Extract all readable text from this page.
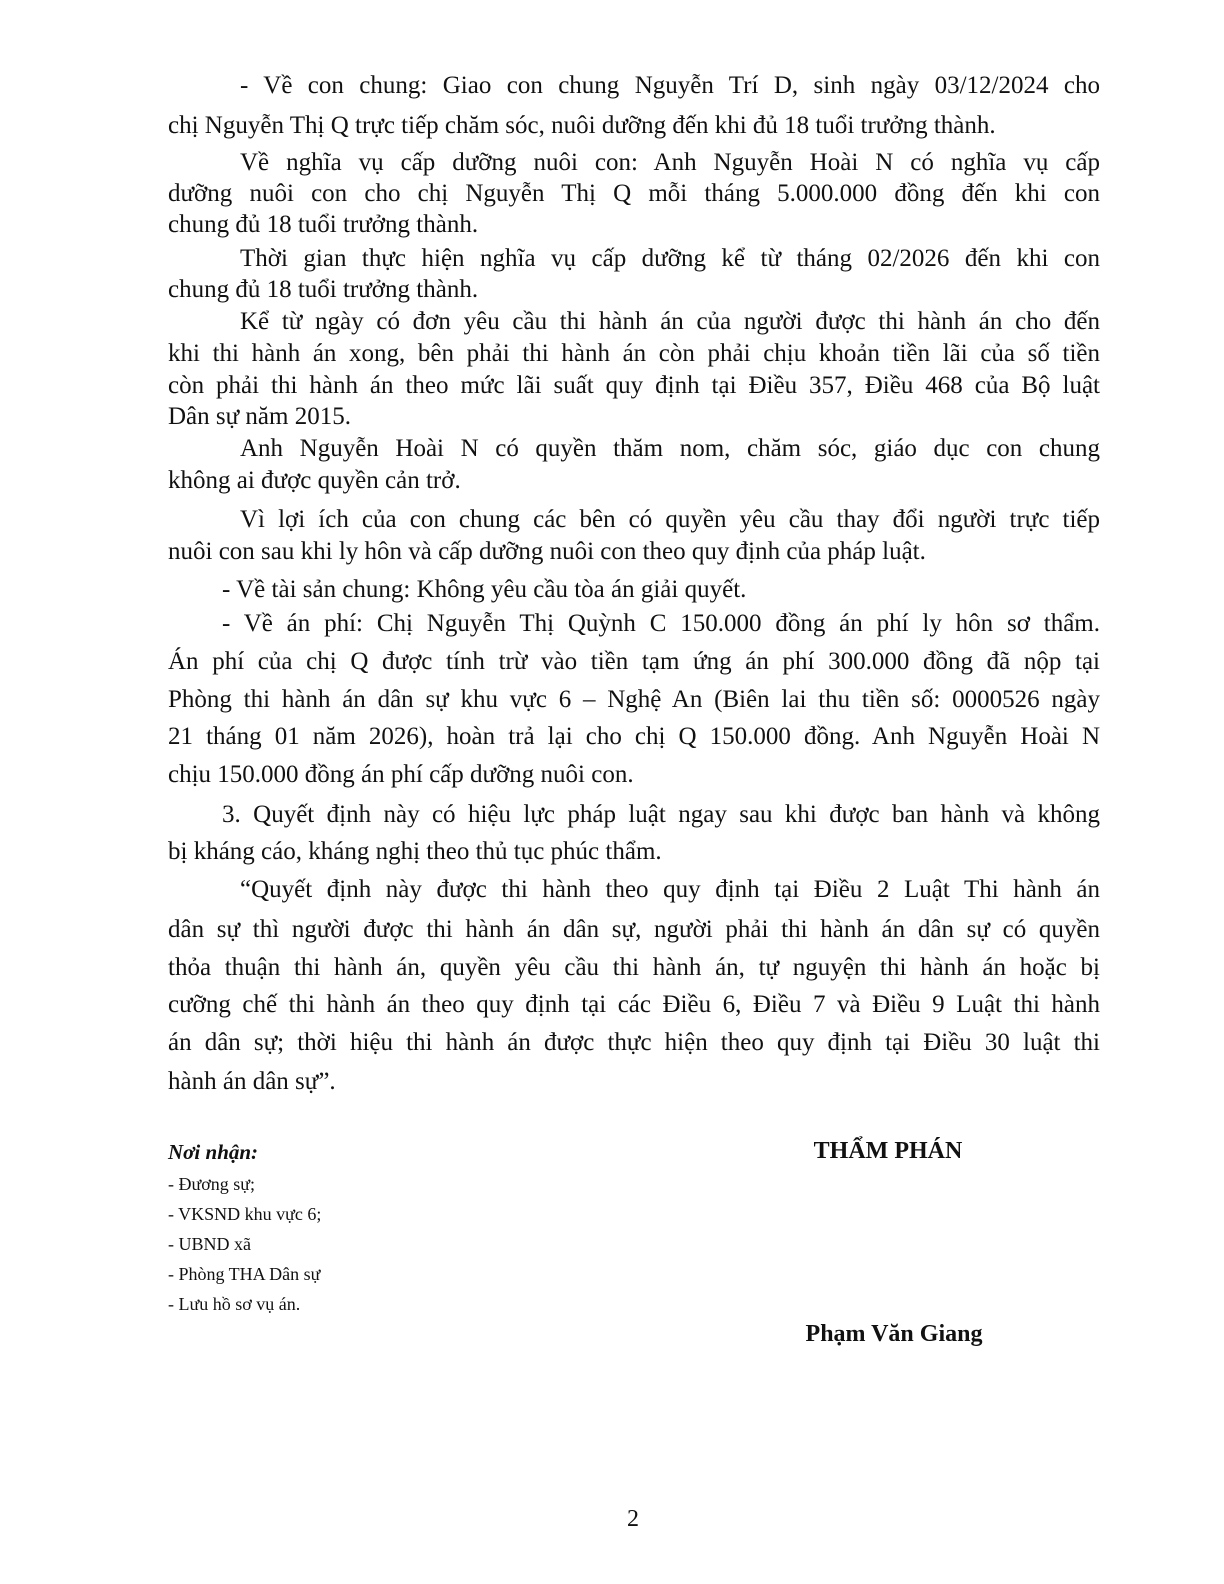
- Về con chung: Giao con chung Nguyễn Trí D, sinh ngày 03/12/2024 cho
chị Nguyễn Thị Q trực tiếp chăm sóc, nuôi dưỡng đến khi đủ 18 tuổi trưởng thành.
Về nghĩa vụ cấp dưỡng nuôi con: Anh Nguyễn Hoài N có nghĩa vụ cấp
dưỡng nuôi con cho chị Nguyễn Thị Q mỗi tháng 5.000.000 đồng đến khi con
chung đủ 18 tuổi trưởng thành.
Thời gian thực hiện nghĩa vụ cấp dưỡng kể từ tháng 02/2026 đến khi con
chung đủ 18 tuổi trưởng thành.
Kể từ ngày có đơn yêu cầu thi hành án của người được thi hành án cho đến
khi thi hành án xong, bên phải thi hành án còn phải chịu khoản tiền lãi của số tiền
còn phải thi hành án theo mức lãi suất quy định tại Điều 357, Điều 468 của Bộ luật
Dân sự năm 2015.
Anh Nguyễn Hoài N có quyền thăm nom, chăm sóc, giáo dục con chung
không ai được quyền cản trở.
Vì lợi ích của con chung các bên có quyền yêu cầu thay đổi người trực tiếp
nuôi con sau khi ly hôn và cấp dưỡng nuôi con theo quy định của pháp luật.
- Về tài sản chung: Không yêu cầu tòa án giải quyết.
- Về án phí: Chị Nguyễn Thị Quỳnh C 150.000 đồng án phí ly hôn sơ thẩm.
Án phí của chị Q được tính trừ vào tiền tạm ứng án phí 300.000 đồng đã nộp tại
Phòng thi hành án dân sự khu vực 6 – Nghệ An (Biên lai thu tiền số: 0000526 ngày
21 tháng 01 năm 2026), hoàn trả lại cho chị Q 150.000 đồng. Anh Nguyễn Hoài N
chịu 150.000 đồng án phí cấp dưỡng nuôi con.
3. Quyết định này có hiệu lực pháp luật ngay sau khi được ban hành và không
bị kháng cáo, kháng nghị theo thủ tục phúc thẩm.
“Quyết định này được thi hành theo quy định tại Điều 2 Luật Thi hành án
dân sự thì người được thi hành án dân sự, người phải thi hành án dân sự có quyền
thỏa thuận thi hành án, quyền yêu cầu thi hành án, tự nguyện thi hành án hoặc bị
cưỡng chế thi hành án theo quy định tại các Điều 6, Điều 7 và Điều 9 Luật thi hành
án dân sự; thời hiệu thi hành án được thực hiện theo quy định tại Điều 30 luật thi
hành án dân sự”.
Nơi nhận:
- Đương sự;
- VKSND khu vực 6;
- UBND xã
- Phòng THA Dân sự
- Lưu hồ sơ vụ án.
THẨM PHÁN
Phạm Văn Giang
2
